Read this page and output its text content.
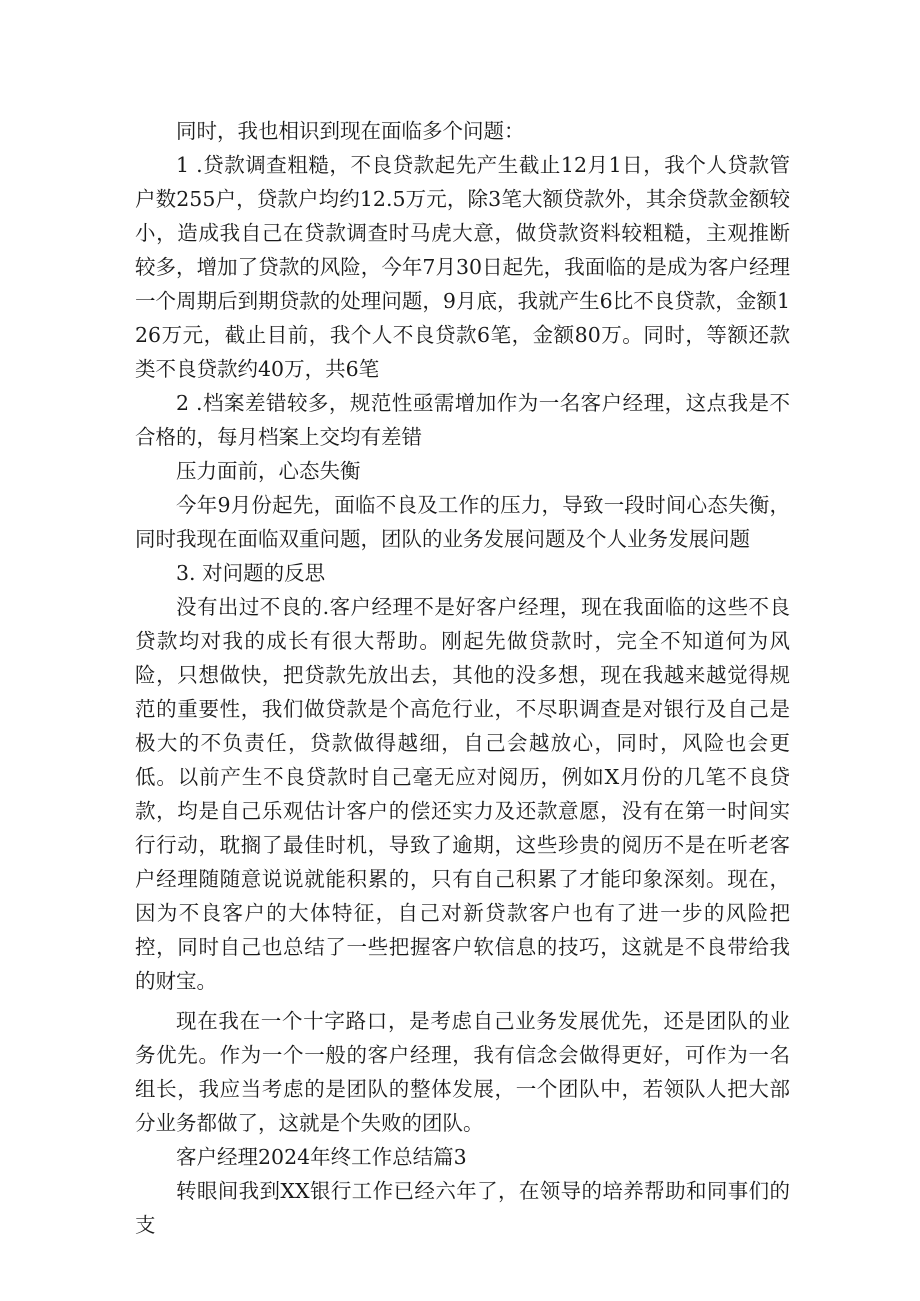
同时，我也相识到现在面临多个问题：

1 .贷款调查粗糙，不良贷款起先产生截止12月1日，我个人贷款管户数255户，贷款户均约12.5万元，除3笔大额贷款外，其余贷款金额较小，造成我自己在贷款调查时马虎大意，做贷款资料较粗糙，主观推断较多，增加了贷款的风险，今年7月30日起先，我面临的是成为客户经理一个周期后到期贷款的处理问题，9月底，我就产生6比不良贷款，金额126万元，截止目前，我个人不良贷款6笔，金额80万。同时，等额还款类不良贷款约40万，共6笔

2 .档案差错较多，规范性亟需增加作为一名客户经理，这点我是不合格的，每月档案上交均有差错

压力面前，心态失衡

今年9月份起先，面临不良及工作的压力，导致一段时间心态失衡，同时我现在面临双重问题，团队的业务发展问题及个人业务发展问题

3. 对问题的反思

没有出过不良的.客户经理不是好客户经理，现在我面临的这些不良贷款均对我的成长有很大帮助。刚起先做贷款时，完全不知道何为风险，只想做快，把贷款先放出去，其他的没多想，现在我越来越觉得规范的重要性，我们做贷款是个高危行业，不尽职调查是对银行及自己是极大的不负责任，贷款做得越细，自己会越放心，同时，风险也会更低。以前产生不良贷款时自己毫无应对阅历，例如X月份的几笔不良贷款，均是自己乐观估计客户的偿还实力及还款意愿，没有在第一时间实行行动，耽搁了最佳时机，导致了逾期，这些珍贵的阅历不是在听老客户经理随随意说说就能积累的，只有自己积累了才能印象深刻。现在，因为不良客户的大体特征，自己对新贷款客户也有了进一步的风险把控，同时自己也总结了一些把握客户软信息的技巧，这就是不良带给我的财宝。

现在我在一个十字路口，是考虑自己业务发展优先，还是团队的业务优先。作为一个一般的客户经理，我有信念会做得更好，可作为一名组长，我应当考虑的是团队的整体发展，一个团队中，若领队人把大部分业务都做了，这就是个失败的团队。

客户经理2024年终工作总结篇3

转眼间我到XX银行工作已经六年了，在领导的培养帮助和同事们的支
